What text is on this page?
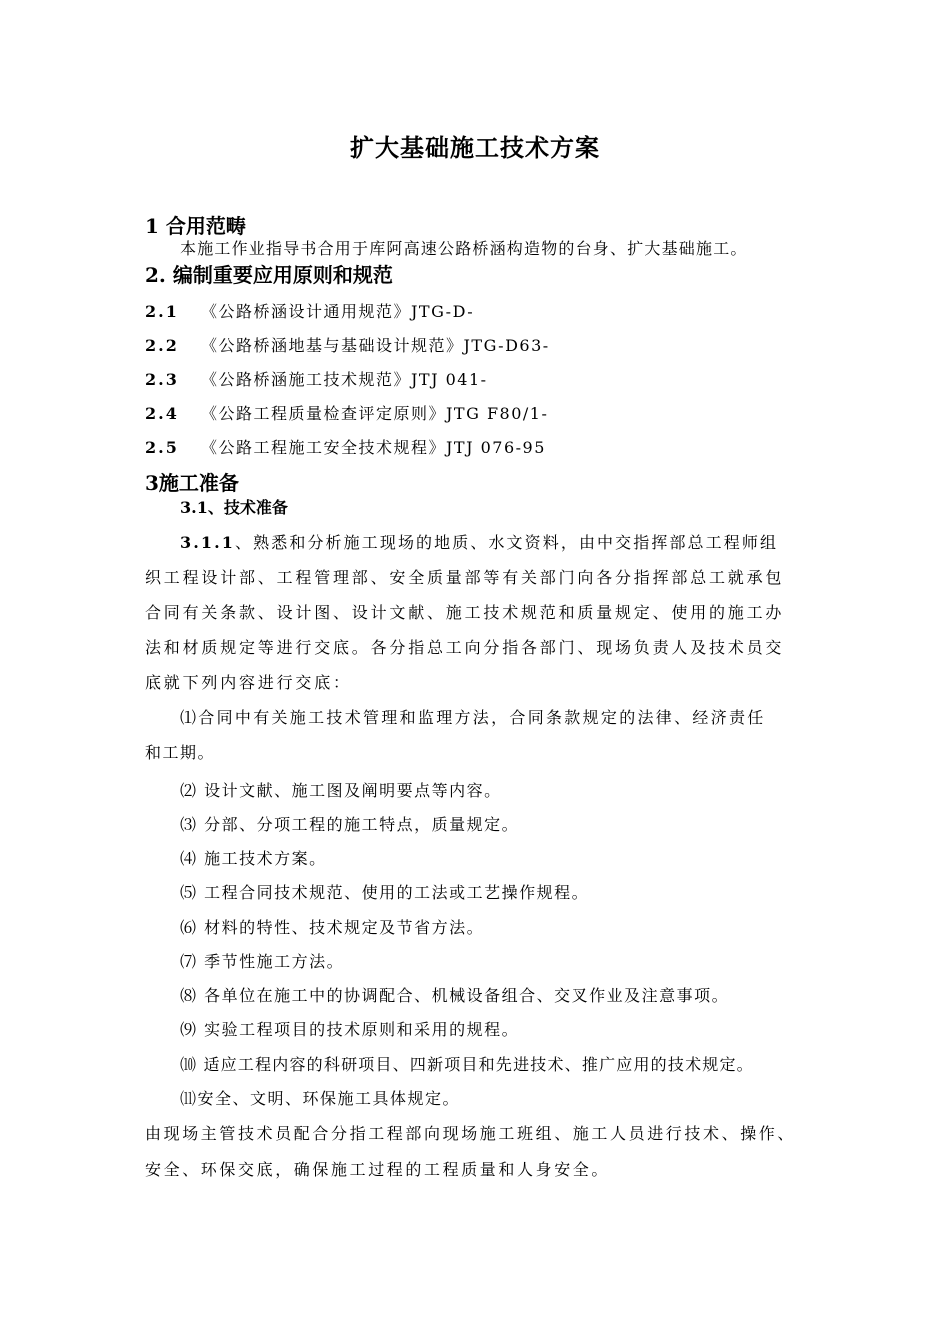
扩大基础施工技术方案
1 合用范畴
本施工作业指导书合用于库阿高速公路桥涵构造物的台身、扩大基础施工。
2. 编制重要应用原则和规范
2.1 《公路桥涵设计通用规范》JTG-D-
2.2 《公路桥涵地基与基础设计规范》JTG-D63-
2.3 《公路桥涵施工技术规范》JTJ 041-
2.4 《公路工程质量检查评定原则》JTG F80/1-
2.5 《公路工程施工安全技术规程》JTJ 076-95
3施工准备
3.1、技术准备
3.1.1、熟悉和分析施工现场的地质、水文资料，由中交指挥部总工程师组
织工程设计部、工程管理部、安全质量部等有关部门向各分指挥部总工就承包
合同有关条款、设计图、设计文献、施工技术规范和质量规定、使用的施工办
法和材质规定等进行交底。各分指总工向分指各部门、现场负责人及技术员交
底就下列内容进行交底：
⑴合同中有关施工技术管理和监理方法，合同条款规定的法律、经济责任
和工期。
⑵ 设计文献、施工图及阐明要点等内容。
⑶ 分部、分项工程的施工特点，质量规定。
⑷ 施工技术方案。
⑸ 工程合同技术规范、使用的工法或工艺操作规程。
⑹ 材料的特性、技术规定及节省方法。
⑺ 季节性施工方法。
⑻ 各单位在施工中的协调配合、机械设备组合、交叉作业及注意事项。
⑼ 实验工程项目的技术原则和采用的规程。
⑽ 适应工程内容的科研项目、四新项目和先进技术、推广应用的技术规定。
⑾安全、文明、环保施工具体规定。
由现场主管技术员配合分指工程部向现场施工班组、施工人员进行技术、操作、
安全、环保交底，确保施工过程的工程质量和人身安全。
